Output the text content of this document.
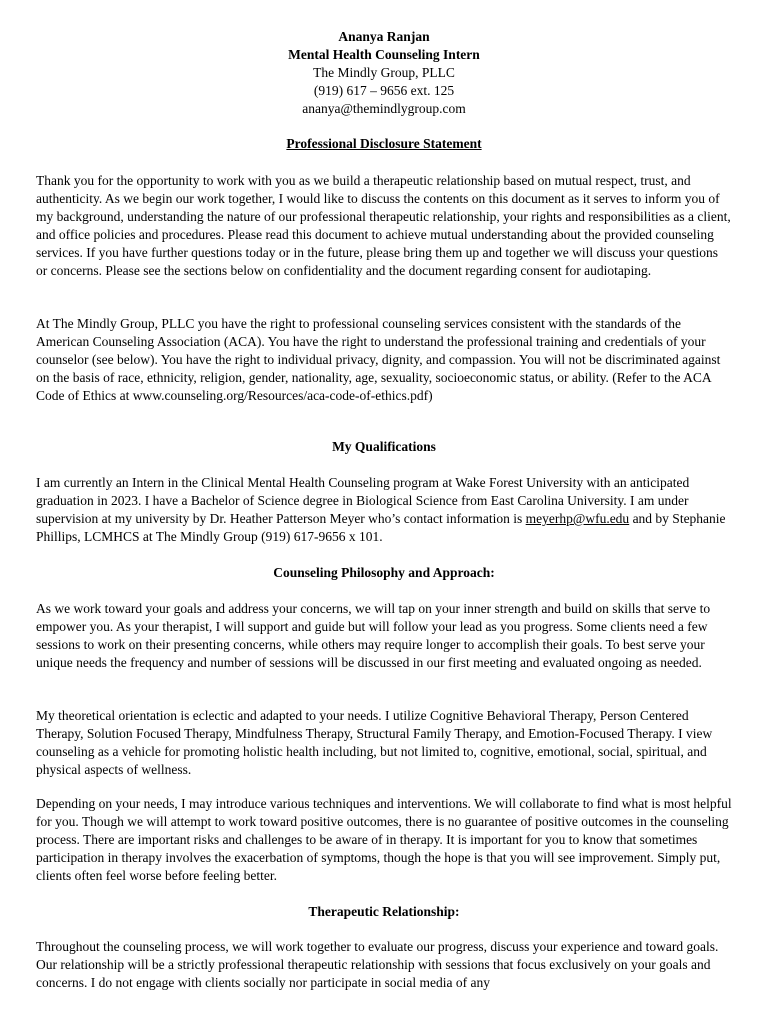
Ananya Ranjan
Mental Health Counseling Intern
The Mindly Group, PLLC
(919) 617 – 9656 ext. 125
ananya@themindlygroup.com
Professional Disclosure Statement

Thank you for the opportunity to work with you as we build a therapeutic relationship based on mutual respect, trust, and authenticity. As we begin our work together, I would like to discuss the contents on this document as it serves to inform you of my background, understanding the nature of our professional therapeutic relationship, your rights and responsibilities as a client, and office policies and procedures. Please read this document to achieve mutual understanding about the provided counseling services. If you have further questions today or in the future, please bring them up and together we will discuss your questions or concerns. Please see the sections below on confidentiality and the document regarding consent for audiotaping.

At The Mindly Group, PLLC you have the right to professional counseling services consistent with the standards of the American Counseling Association (ACA). You have the right to understand the professional training and credentials of your counselor (see below). You have the right to individual privacy, dignity, and compassion. You will not be discriminated against on the basis of race, ethnicity, religion, gender, nationality, age, sexuality, socioeconomic status, or ability. (Refer to the ACA Code of Ethics at www.counseling.org/Resources/aca-code-of-ethics.pdf)

My Qualifications

I am currently an Intern in the Clinical Mental Health Counseling program at Wake Forest University with an anticipated graduation in 2023. I have a Bachelor of Science degree in Biological Science from East Carolina University. I am under supervision at my university by Dr. Heather Patterson Meyer who’s contact information is meyerhp@wfu.edu and by Stephanie Phillips, LCMHCS at The Mindly Group (919) 617-9656 x 101.

Counseling Philosophy and Approach:

As we work toward your goals and address your concerns, we will tap on your inner strength and build on skills that serve to empower you. As your therapist, I will support and guide but will follow your lead as you progress. Some clients need a few sessions to work on their presenting concerns, while others may require longer to accomplish their goals. To best serve your unique needs the frequency and number of sessions will be discussed in our first meeting and evaluated ongoing as needed.

My theoretical orientation is eclectic and adapted to your needs. I utilize Cognitive Behavioral Therapy, Person Centered Therapy, Solution Focused Therapy, Mindfulness Therapy, Structural Family Therapy, and Emotion-Focused Therapy. I view counseling as a vehicle for promoting holistic health including, but not limited to, cognitive, emotional, social, spiritual, and physical aspects of wellness.

Depending on your needs, I may introduce various techniques and interventions. We will collaborate to find what is most helpful for you. Though we will attempt to work toward positive outcomes, there is no guarantee of positive outcomes in the counseling process. There are important risks and challenges to be aware of in therapy. It is important for you to know that sometimes participation in therapy involves the exacerbation of symptoms, though the hope is that you will see improvement. Simply put, clients often feel worse before feeling better.

Therapeutic Relationship:

Throughout the counseling process, we will work together to evaluate our progress, discuss your experience and toward goals. Our relationship will be a strictly professional therapeutic relationship with sessions that focus exclusively on your goals and concerns. I do not engage with clients socially nor participate in social media of any
